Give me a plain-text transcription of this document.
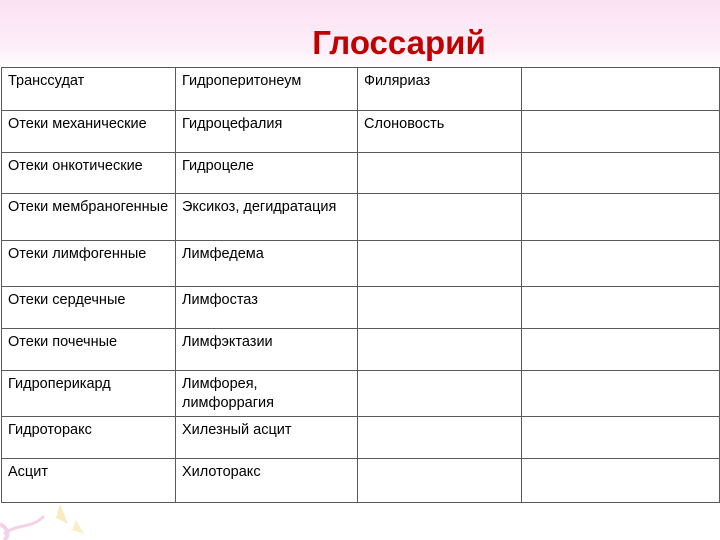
Глоссарий
Транссудат	Гидроперитонеум	Филяриаз	
Отеки механические	Гидроцефалия	Слоновость	
Отеки онкотические	Гидроцеле		
Отеки мембраногенные	Эксикоз, дегидратация		
Отеки лимфогенные	Лимфедема		
Отеки сердечные	Лимфостаз		
Отеки почечные	Лимфэктазии		
Гидроперикард	Лимфорея, лимфоррагия		
Гидроторакс	Хилезный асцит		
Асцит	Хилоторакс		
